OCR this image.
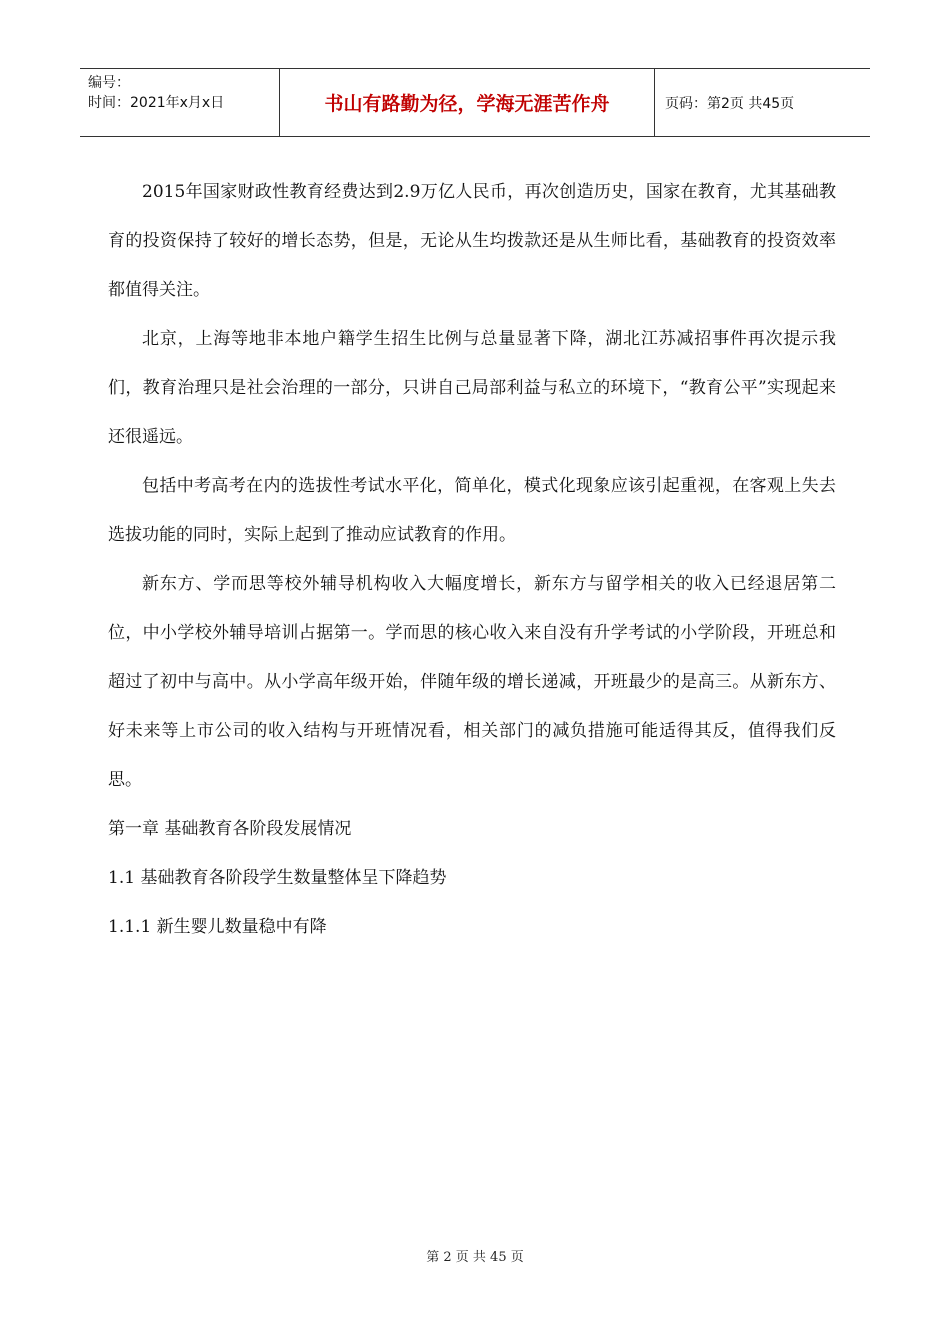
编号：
时间：2021年x月x日	书山有路勤为径，学海无涯苦作舟	页码：第2页 共45页

2015年国家财政性教育经费达到2.9万亿人民币，再次创造历史，国家在教育，尤其基础教育的投资保持了较好的增长态势，但是，无论从生均拨款还是从生师比看，基础教育的投资效率都值得关注。

北京，上海等地非本地户籍学生招生比例与总量显著下降，湖北江苏减招事件再次提示我们，教育治理只是社会治理的一部分，只讲自己局部利益与私立的环境下，“教育公平”实现起来还很遥远。

包括中考高考在内的选拔性考试水平化，简单化，模式化现象应该引起重视，在客观上失去选拔功能的同时，实际上起到了推动应试教育的作用。

新东方、学而思等校外辅导机构收入大幅度增长，新东方与留学相关的收入已经退居第二位，中小学校外辅导培训占据第一。学而思的核心收入来自没有升学考试的小学阶段，开班总和超过了初中与高中。从小学高年级开始，伴随年级的增长递减，开班最少的是高三。从新东方、好未来等上市公司的收入结构与开班情况看，相关部门的减负措施可能适得其反，值得我们反思。

第一章 基础教育各阶段发展情况

1.1 基础教育各阶段学生数量整体呈下降趋势

1.1.1 新生婴儿数量稳中有降

第 2 页 共 45 页
